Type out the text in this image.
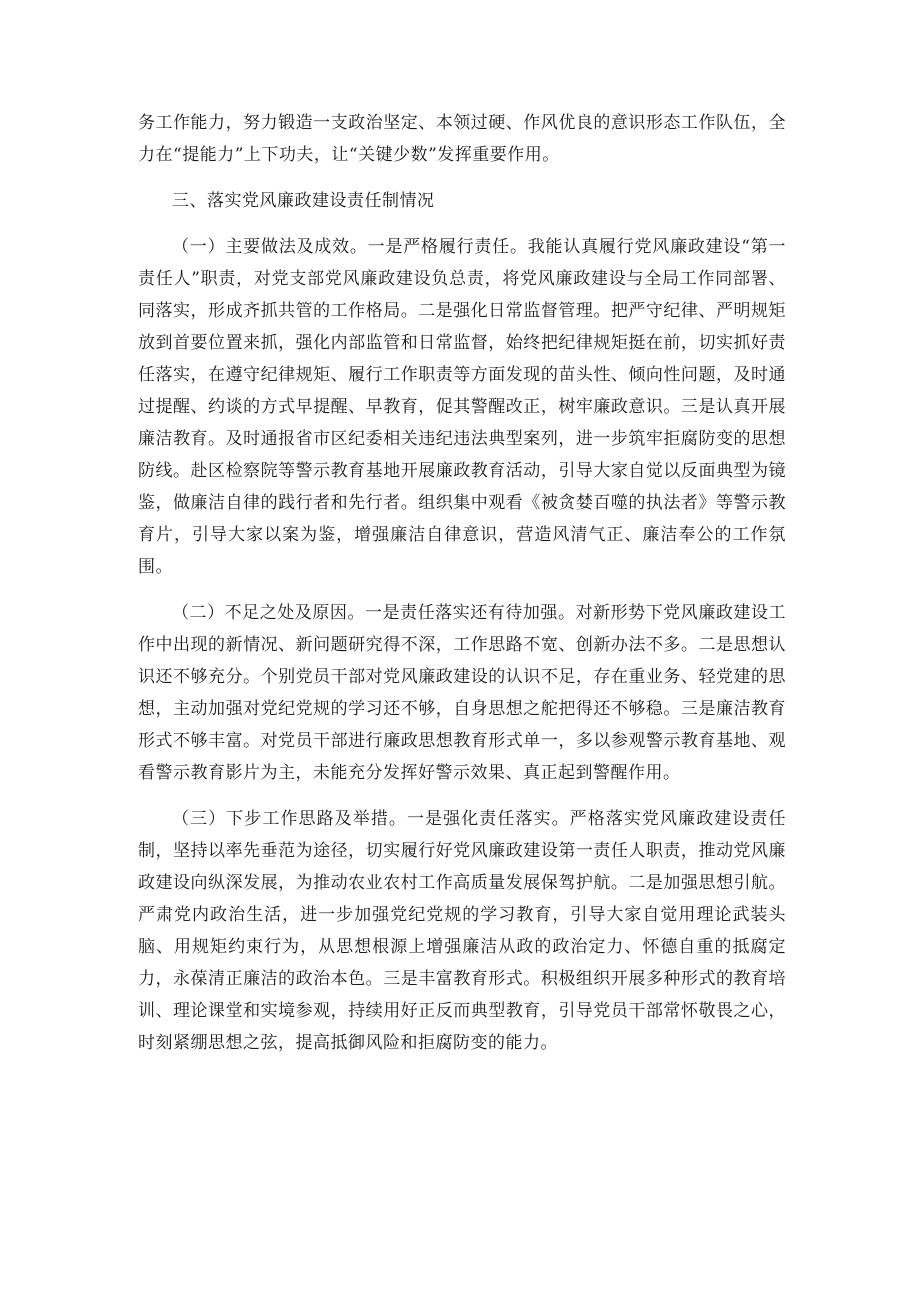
务工作能力，努力锻造一支政治坚定、本领过硬、作风优良的意识形态工作队伍，全力在“提能力”上下功夫，让“关键少数”发挥重要作用。

三、落实党风廉政建设责任制情况

（一）主要做法及成效。一是严格履行责任。我能认真履行党风廉政建设“第一责任人”职责，对党支部党风廉政建设负总责，将党风廉政建设与全局工作同部署、同落实，形成齐抓共管的工作格局。二是强化日常监督管理。把严守纪律、严明规矩放到首要位置来抓，强化内部监管和日常监督，始终把纪律规矩挺在前，切实抓好责任落实，在遵守纪律规矩、履行工作职责等方面发现的苗头性、倾向性问题，及时通过提醒、约谈的方式早提醒、早教育，促其警醒改正，树牢廉政意识。三是认真开展廉洁教育。及时通报省市区纪委相关违纪违法典型案列，进一步筑牢拒腐防变的思想防线。赴区检察院等警示教育基地开展廉政教育活动，引导大家自觉以反面典型为镜鉴，做廉洁自律的践行者和先行者。组织集中观看《被贪婪百噬的执法者》等警示教育片，引导大家以案为鉴，增强廉洁自律意识，营造风清气正、廉洁奉公的工作氛围。

（二）不足之处及原因。一是责任落实还有待加强。对新形势下党风廉政建设工作中出现的新情况、新问题研究得不深，工作思路不宽、创新办法不多。二是思想认识还不够充分。个别党员干部对党风廉政建设的认识不足，存在重业务、轻党建的思想，主动加强对党纪党规的学习还不够，自身思想之舵把得还不够稳。三是廉洁教育形式不够丰富。对党员干部进行廉政思想教育形式单一，多以参观警示教育基地、观看警示教育影片为主，未能充分发挥好警示效果、真正起到警醒作用。

（三）下步工作思路及举措。一是强化责任落实。严格落实党风廉政建设责任制，坚持以率先垂范为途径，切实履行好党风廉政建设第一责任人职责，推动党风廉政建设向纵深发展，为推动农业农村工作高质量发展保驾护航。二是加强思想引航。严肃党内政治生活，进一步加强党纪党规的学习教育，引导大家自觉用理论武装头脑、用规矩约束行为，从思想根源上增强廉洁从政的政治定力、怀德自重的抵腐定力，永葆清正廉洁的政治本色。三是丰富教育形式。积极组织开展多种形式的教育培训、理论课堂和实境参观，持续用好正反而典型教育，引导党员干部常怀敬畏之心，时刻紧绷思想之弦，提高抵御风险和拒腐防变的能力。
